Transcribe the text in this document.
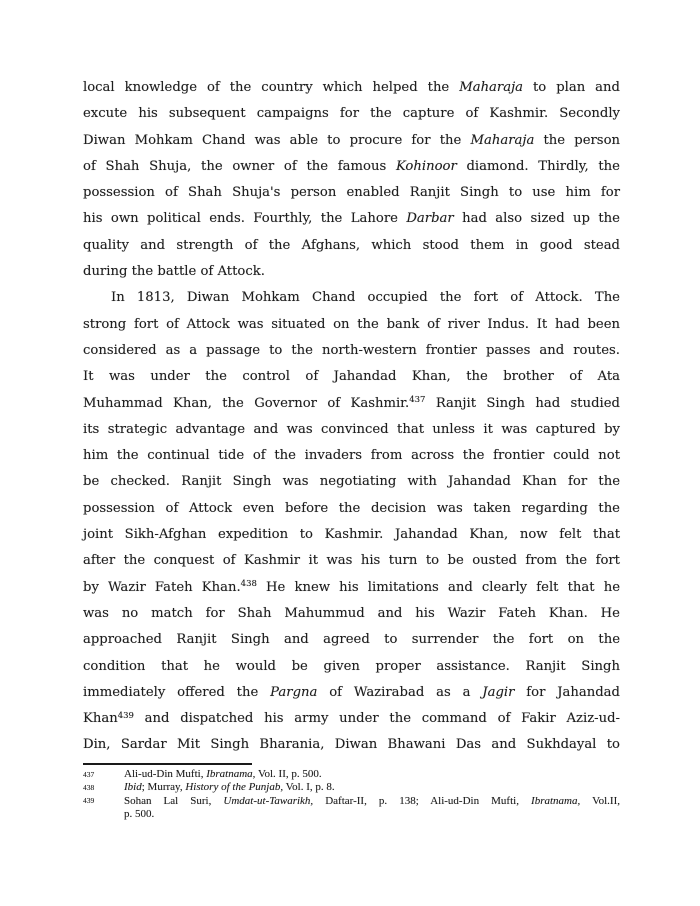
local knowledge of the country which helped the Maharaja to plan and
excute his subsequent campaigns for the capture of Kashmir. Secondly
Diwan Mohkam Chand was able to procure for the Maharaja the person
of Shah Shuja, the owner of the famous Kohinoor diamond. Thirdly, the
possession of Shah Shuja's person enabled Ranjit Singh to use him for
his own political ends. Fourthly, the Lahore Darbar had also sized up the
quality and strength of the Afghans, which stood them in good stead
during the battle of Attock.
In 1813, Diwan Mohkam Chand occupied the fort of Attock. The
strong fort of Attock was situated on the bank of river Indus. It had been
considered as a passage to the north-western frontier passes and routes.
It was under the control of Jahandad Khan, the brother of Ata
Muhammad Khan, the Governor of Kashmir.$^{437}$ Ranjit Singh had studied
its strategic advantage and was convinced that unless it was captured by
him the continual tide of the invaders from across the frontier could not
be checked. Ranjit Singh was negotiating with Jahandad Khan for the
possession of Attock even before the decision was taken regarding the
joint Sikh-Afghan expedition to Kashmir. Jahandad Khan, now felt that
after the conquest of Kashmir it was his turn to be ousted from the fort
by Wazir Fateh Khan.$^{438}$ He knew his limitations and clearly felt that he
was no match for Shah Mahummud and his Wazir Fateh Khan. He
approached Ranjit Singh and agreed to surrender the fort on the
condition that he would be given proper assistance. Ranjit Singh
immediately offered the Pargna of Wazirabad as a Jagir for Jahandad
Khan$^{439}$ and dispatched his army under the command of Fakir Aziz-ud-
Din, Sardar Mit Singh Bharania, Diwan Bhawani Das and Sukhdayal to
437	Ali-ud-Din Mufti, Ibratnama, Vol. II, p. 500.
438	Ibid; Murray, History of the Punjab, Vol. I, p. 8.
439	Sohan Lal Suri, Umdat-ut-Tawarikh, Daftar-II, p. 138; Ali-ud-Din Mufti, Ibratnama, Vol.II,
p. 500.
